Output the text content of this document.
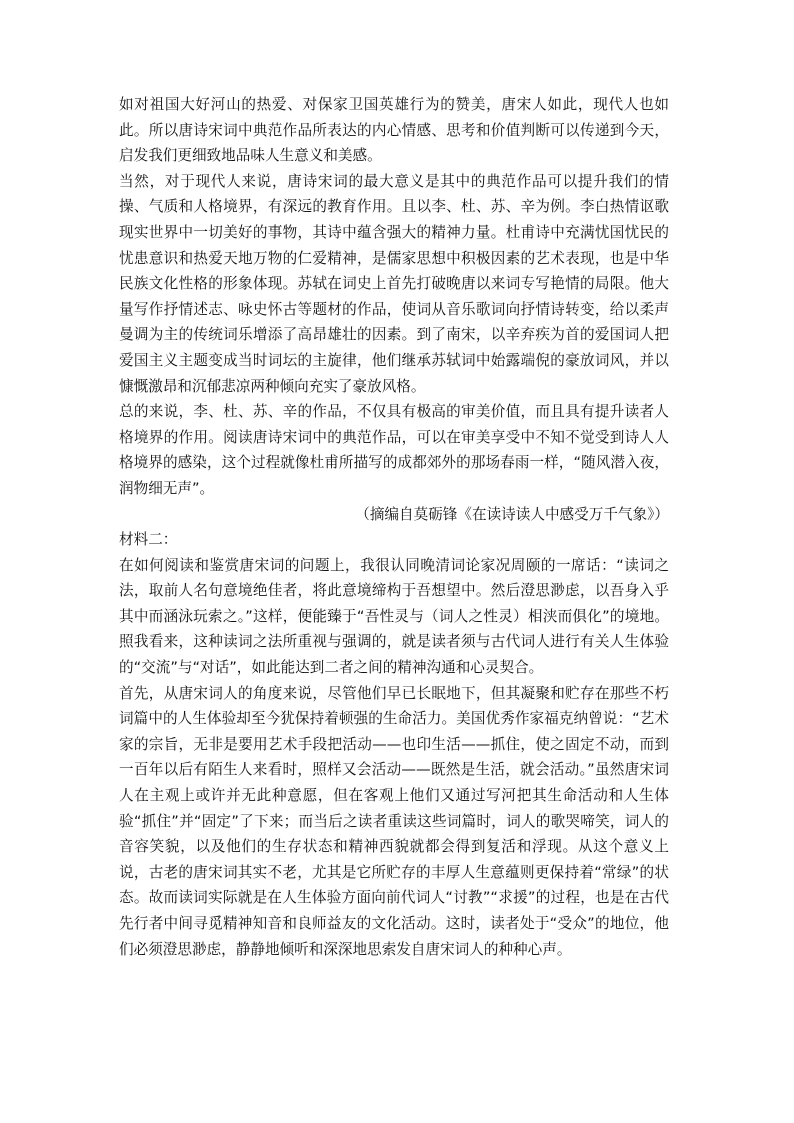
如对祖国大好河山的热爱、对保家卫国英雄行为的赞美，唐宋人如此，现代人也如此。所以唐诗宋词中典范作品所表达的内心情感、思考和价值判断可以传递到今天，启发我们更细致地品味人生意义和美感。

当然，对于现代人来说，唐诗宋词的最大意义是其中的典范作品可以提升我们的情操、气质和人格境界，有深远的教育作用。且以李、杜、苏、辛为例。李白热情讴歌现实世界中一切美好的事物，其诗中蕴含强大的精神力量。杜甫诗中充满忧国忧民的忧患意识和热爱天地万物的仁爱精神，是儒家思想中积极因素的艺术表现，也是中华民族文化性格的形象体现。苏轼在词史上首先打破晚唐以来词专写艳情的局限。他大量写作抒情述志、咏史怀古等题材的作品，使词从音乐歌词向抒情诗转变，给以柔声曼调为主的传统词乐增添了高昂雄壮的因素。到了南宋，以辛弃疾为首的爱国词人把爱国主义主题变成当时词坛的主旋律，他们继承苏轼词中始露端倪的豪放词风，并以慷慨激昂和沉郁悲凉两种倾向充实了豪放风格。

总的来说，李、杜、苏、辛的作品，不仅具有极高的审美价值，而且具有提升读者人格境界的作用。阅读唐诗宋词中的典范作品，可以在审美享受中不知不觉受到诗人人格境界的感染，这个过程就像杜甫所描写的成都郊外的那场春雨一样，“随风潜入夜，润物细无声”。

（摘编自莫砺锋《在读诗读人中感受万千气象》）

材料二：

在如何阅读和鉴赏唐宋词的问题上，我很认同晚清词论家况周颐的一席话：“读词之法，取前人名句意境绝佳者，将此意境缔构于吾想望中。然后澄思渺虑，以吾身入乎其中而涵泳玩索之。”这样，便能臻于“吾性灵与（词人之性灵）相浃而俱化”的境地。照我看来，这种读词之法所重视与强调的，就是读者须与古代词人进行有关人生体验的“交流”与“对话”，如此能达到二者之间的精神沟通和心灵契合。

首先，从唐宋词人的角度来说，尽管他们早已长眠地下，但其凝聚和贮存在那些不朽词篇中的人生体验却至今犹保持着顿强的生命活力。美国优秀作家福克纳曾说：“艺术家的宗旨，无非是要用艺术手段把活动——也印生活——抓住，使之固定不动，而到一百年以后有陌生人来看时，照样又会活动——既然是生活，就会活动。”虽然唐宋词人在主观上或许并无此种意愿，但在客观上他们又通过写河把其生命活动和人生体验“抓住”并“固定”了下来；而当后之读者重读这些词篇时，词人的歌哭啼笑，词人的音容笑貌，以及他们的生存状态和精神西貌就都会得到复活和浮现。从这个意义上说，古老的唐宋词其实不老，尤其是它所贮存的丰厚人生意蕴则更保持着“常绿”的状态。故而读词实际就是在人生体验方面向前代词人“讨教”“求援”的过程，也是在古代先行者中间寻觅精神知音和良师益友的文化活动。这时，读者处于“受众”的地位，他们必须澄思渺虑，静静地倾听和深深地思索发自唐宋词人的种种心声。
